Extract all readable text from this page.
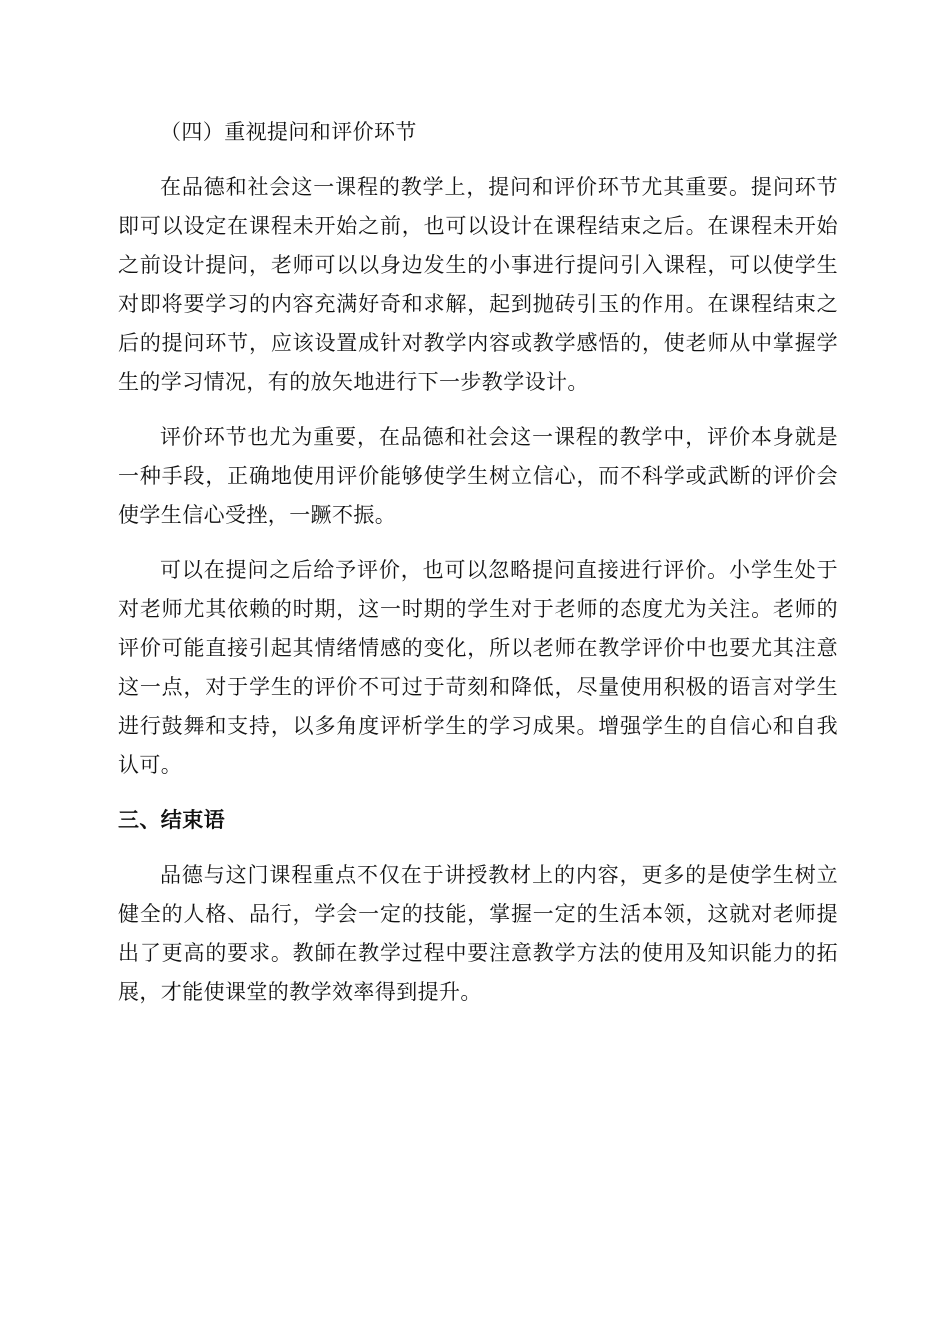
（四）重视提问和评价环节

在品德和社会这一课程的教学上，提问和评价环节尤其重要。提问环节即可以设定在课程未开始之前，也可以设计在课程结束之后。在课程未开始之前设计提问，老师可以以身边发生的小事进行提问引入课程，可以使学生对即将要学习的内容充满好奇和求解，起到抛砖引玉的作用。在课程结束之后的提问环节，应该设置成针对教学内容或教学感悟的，使老师从中掌握学生的学习情况，有的放矢地进行下一步教学设计。

评价环节也尤为重要，在品德和社会这一课程的教学中，评价本身就是一种手段，正确地使用评价能够使学生树立信心，而不科学或武断的评价会使学生信心受挫，一蹶不振。

可以在提问之后给予评价，也可以忽略提问直接进行评价。小学生处于对老师尤其依赖的时期，这一时期的学生对于老师的态度尤为关注。老师的评价可能直接引起其情绪情感的变化，所以老师在教学评价中也要尤其注意这一点，对于学生的评价不可过于苛刻和降低，尽量使用积极的语言对学生进行鼓舞和支持，以多角度评析学生的学习成果。增强学生的自信心和自我认可。

三、结束语

品德与这门课程重点不仅在于讲授教材上的内容，更多的是使学生树立健全的人格、品行，学会一定的技能，掌握一定的生活本领，这就对老师提出了更高的要求。教師在教学过程中要注意教学方法的使用及知识能力的拓展，才能使课堂的教学效率得到提升。
